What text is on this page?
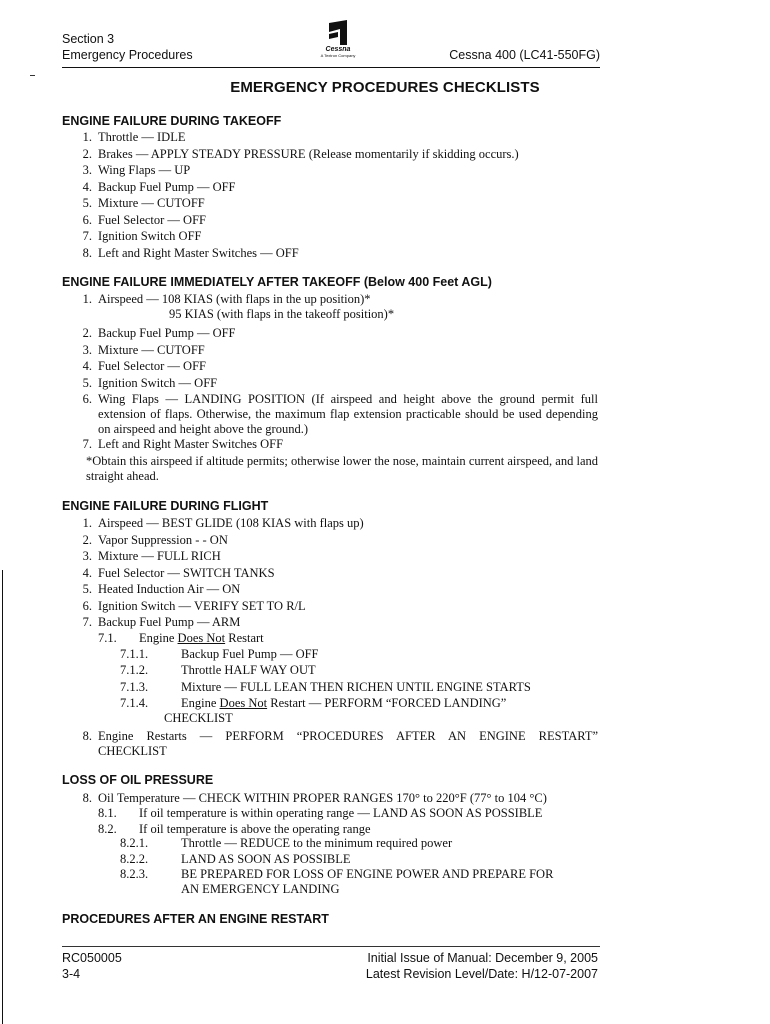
Section 3
Emergency Procedures	Cessna
A Textron Company	Cessna 400 (LC41-550FG)
EMERGENCY PROCEDURES CHECKLISTS
ENGINE FAILURE DURING TAKEOFF
1. Throttle — IDLE
2. Brakes — APPLY STEADY PRESSURE (Release momentarily if skidding occurs.)
3. Wing Flaps — UP
4. Backup Fuel Pump — OFF
5. Mixture — CUTOFF
6. Fuel Selector — OFF
7. Ignition Switch OFF
8. Left and Right Master Switches — OFF
ENGINE FAILURE IMMEDIATELY AFTER TAKEOFF (Below 400 Feet AGL)
1.
2. Backup Fuel Pump — OFF
3. Mixture — CUTOFF
4. Fuel Selector — OFF
5. Ignition Switch — OFF
6.
7. Left and Right Master Switches OFF
Airspeed — 108 KIAS (with flaps in the up position)*
95 KIAS (with flaps in the takeoff position)*
Wing Flaps — LANDING POSITION (If airspeed and height above the ground permit full extension of flaps. Otherwise, the maximum flap extension practicable should be used depending on airspeed and height above the ground.)
*Obtain this airspeed if altitude permits; otherwise lower the nose, maintain current airspeed, and land straight ahead.
ENGINE FAILURE DURING FLIGHT
1. Airspeed — BEST GLIDE (108 KIAS with flaps up)
2. Vapor Suppression - - ON
3. Mixture — FULL RICH
4. Fuel Selector — SWITCH TANKS
5. Heated Induction Air — ON
6. Ignition Switch — VERIFY SET TO R/L
7. Backup Fuel Pump — ARM
7.1.	Engine Does Not Restart
7.1.1.	Backup Fuel Pump — OFF
7.1.2.	Throttle HALF WAY OUT
7.1.3.	Mixture — FULL LEAN THEN RICHEN UNTIL ENGINE STARTS
7.1.4.	Engine Does Not Restart — PERFORM “FORCED LANDING”
CHECKLIST
8. Engine Restarts — PERFORM “PROCEDURES AFTER AN ENGINE RESTART”
CHECKLIST
LOSS OF OIL PRESSURE
8. Oil Temperature — CHECK WITHIN PROPER RANGES 170° to 220°F (77° to 104 °C)
8.1.	If oil temperature is within operating range — LAND AS SOON AS POSSIBLE
8.2.	If oil temperature is above the operating range
8.2.1.	Throttle — REDUCE to the minimum required power
8.2.2.	LAND AS SOON AS POSSIBLE
8.2.3.	BE PREPARED FOR LOSS OF ENGINE POWER AND PREPARE FOR
AN EMERGENCY LANDING
PROCEDURES AFTER AN ENGINE RESTART
RC050005
3-4
Initial Issue of Manual: December 9, 2005
Latest Revision Level/Date: H/12-07-2007
